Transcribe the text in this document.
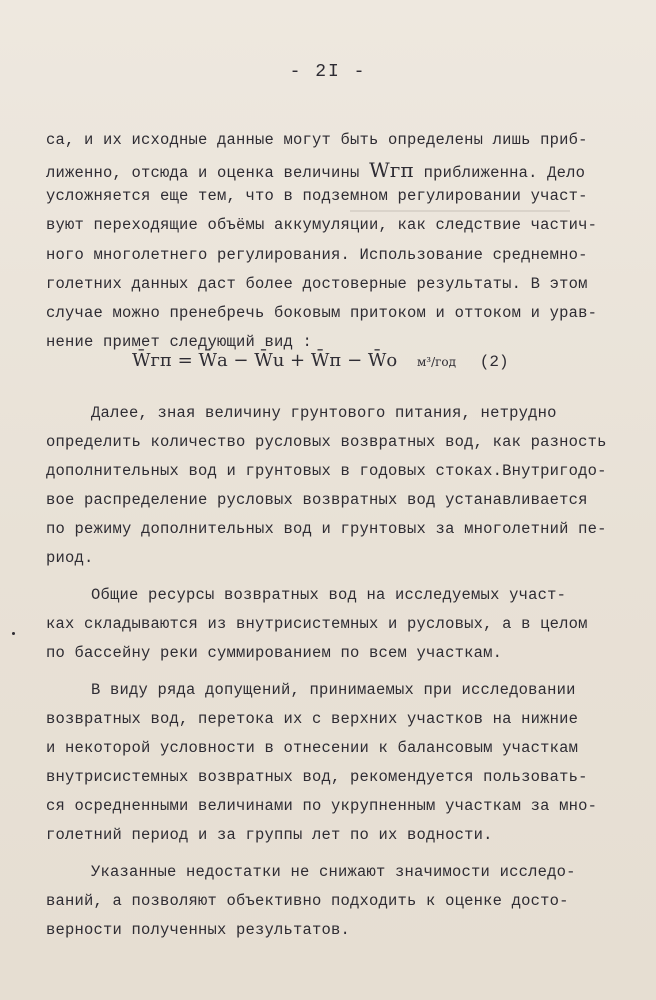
- 2I -
са, и их исходные данные могут быть определены лишь приб-
лиженно, отсюда и оценка величины Wгп приближенна. Дело
усложняется еще тем, что в подземном регулировании участ-
вуют переходящие объёмы аккумуляции, как следствие частич-
ного многолетнего регулирования. Использование среднемно-
голетних данных даст более достоверные результаты. В этом
случае можно пренебречь боковым притоком и оттоком и урав-
нение примет следующий вид :
W̄гп = W̄a − W̄u + W̄п − W̄o м³/год (2)
Далее, зная величину грунтового питания, нетрудно
определить количество русловых возвратных вод, как разность
дополнительных вод и грунтовых в годовых стоках.Внутригодо-
вое распределение русловых возвратных вод устанавливается
по режиму дополнительных вод и грунтовых за многолетний пе-
риод.
Общие ресурсы возвратных вод на исследуемых участ-
ках складываются из внутрисистемных и русловых, а в целом
по бассейну реки суммированием по всем участкам.
В виду ряда допущений, принимаемых при исследовании
возвратных вод, перетока их с верхних участков на нижние
и некоторой условности в отнесении к балансовым участкам
внутрисистемных возвратных вод, рекомендуется пользовать-
ся осредненными величинами по укрупненным участкам за мно-
голетний период и за группы лет по их водности.
Указанные недостатки не снижают значимости исследо-
ваний, а позволяют объективно подходить к оценке досто-
верности полученных результатов.
